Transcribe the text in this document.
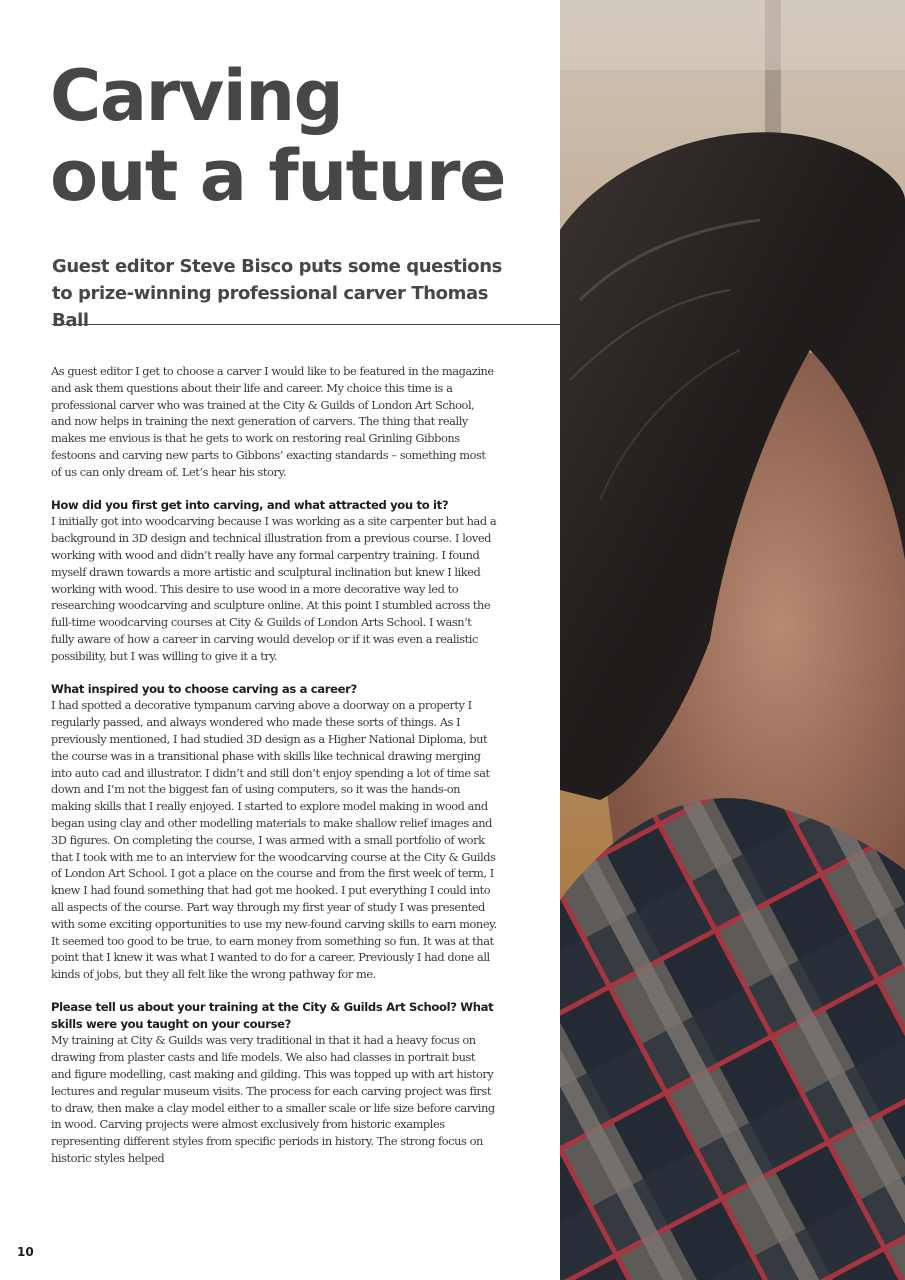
Carving
out a future
Guest editor Steve Bisco puts some questions to prize-winning professional carver Thomas Ball

As guest editor I get to choose a carver I would like to be featured in the magazine and ask them questions about their life and career. My choice this time is a professional carver who was trained at the City & Guilds of London Art School, and now helps in training the next generation of carvers. The thing that really makes me envious is that he gets to work on restoring real Grinling Gibbons festoons and carving new parts to Gibbons’ exacting standards – something most of us can only dream of. Let’s hear his story.

How did you first get into carving, and what attracted you to it?

I initially got into woodcarving because I was working as a site carpenter but had a background in 3D design and technical illustration from a previous course. I loved working with wood and didn’t really have any formal carpentry training. I found myself drawn towards a more artistic and sculptural inclination but knew I liked working with wood. This desire to use wood in a more decorative way led to researching woodcarving and sculpture online. At this point I stumbled across the full-time woodcarving courses at City & Guilds of London Arts School. I wasn’t fully aware of how a career in carving would develop or if it was even a realistic possibility, but I was willing to give it a try.

What inspired you to choose carving as a career?

I had spotted a decorative tympanum carving above a doorway on a property I regularly passed, and always wondered who made these sorts of things. As I previously mentioned, I had studied 3D design as a Higher National Diploma, but the course was in a transitional phase with skills like technical drawing merging into auto cad and illustrator. I didn’t and still don’t enjoy spending a lot of time sat down and I’m not the biggest fan of using computers, so it was the hands-on making skills that I really enjoyed. I started to explore model making in wood and began using clay and other modelling materials to make shallow relief images and 3D figures. On completing the course, I was armed with a small portfolio of work that I took with me to an interview for the woodcarving course at the City & Guilds of London Art School. I got a place on the course and from the first week of term, I knew I had found something that had got me hooked. I put everything I could into all aspects of the course. Part way through my first year of study I was presented with some exciting opportunities to use my new-found carving skills to earn money. It seemed too good to be true, to earn money from something so fun. It was at that point that I knew it was what I wanted to do for a career. Previously I had done all kinds of jobs, but they all felt like the wrong pathway for me.

Please tell us about your training at the City & Guilds Art School? What skills were you taught on your course?

My training at City & Guilds was very traditional in that it had a heavy focus on drawing from plaster casts and life models. We also had classes in portrait bust and figure modelling, cast making and gilding. This was topped up with art history lectures and regular museum visits. The process for each carving project was first to draw, then make a clay model either to a smaller scale or life size before carving in wood. Carving projects were almost exclusively from historic examples representing different styles from specific periods in history. The strong focus on historic styles helped

10
